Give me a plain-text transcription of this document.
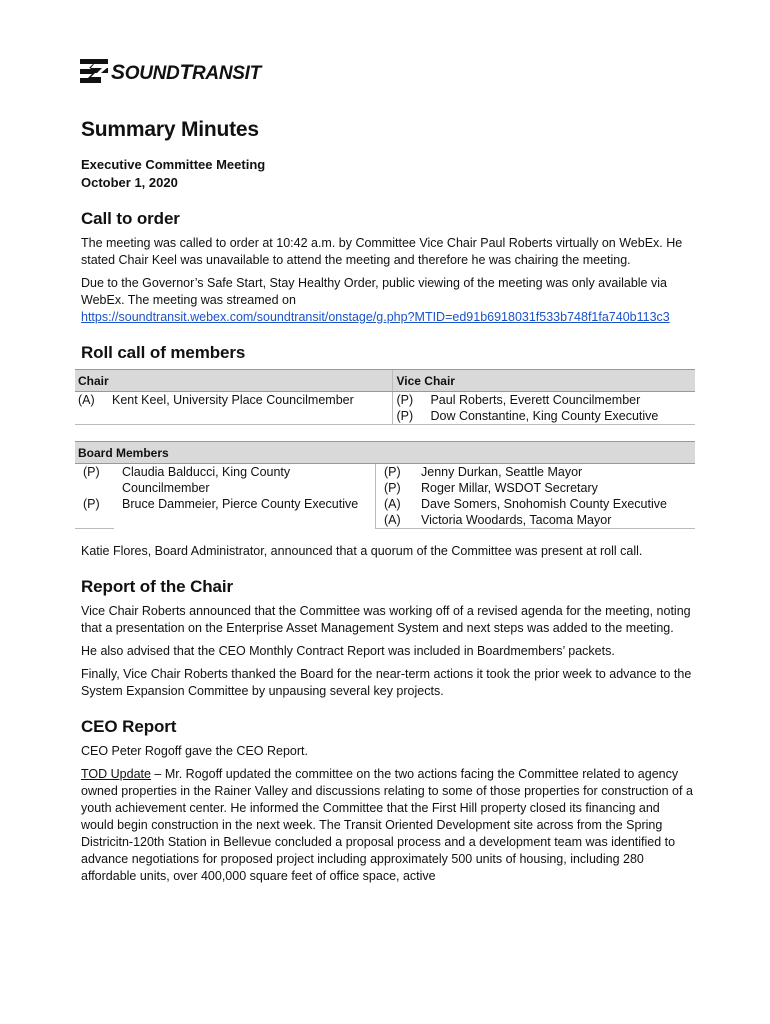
SOUNDTRANSIT
Summary Minutes

Executive Committee Meeting

October 1, 2020

Call to order

The meeting was called to order at 10:42 a.m. by Committee Vice Chair Paul Roberts virtually on WebEx. He stated Chair Keel was unavailable to attend the meeting and therefore he was chairing the meeting.

Due to the Governor’s Safe Start, Stay Healthy Order, public viewing of the meeting was only available via WebEx. The meeting was streamed on
https://soundtransit.webex.com/soundtransit/onstage/g.php?MTID=ed91b6918031f533b748f1fa740b113c3

Roll call of members
Chair		Vice Chair	
(A)	Kent Keel, University Place Councilmember	(P)	Paul Roberts, Everett Councilmember
		(P)	Dow Constantine, King County Executive
Board Members			
(P)	Claudia Balducci, King County Councilmember	(P)	Jenny Durkan, Seattle Mayor
		(P)	Roger Millar, WSDOT Secretary
(P)	Bruce Dammeier, Pierce County Executive	(A)	Dave Somers, Snohomish County Executive
		(A)	Victoria Woodards, Tacoma Mayor

Katie Flores, Board Administrator, announced that a quorum of the Committee was present at roll call.

Report of the Chair

Vice Chair Roberts announced that the Committee was working off of a revised agenda for the meeting, noting that a presentation on the Enterprise Asset Management System and next steps was added to the meeting.

He also advised that the CEO Monthly Contract Report was included in Boardmembers’ packets.

Finally, Vice Chair Roberts thanked the Board for the near-term actions it took the prior week to advance to the System Expansion Committee by unpausing several key projects.

CEO Report

CEO Peter Rogoff gave the CEO Report.

TOD Update – Mr. Rogoff updated the committee on the two actions facing the Committee related to agency owned properties in the Rainer Valley and discussions relating to some of those properties for construction of a youth achievement center. He informed the Committee that the First Hill property closed its financing and would begin construction in the next week. The Transit Oriented Development site across from the Spring Districitn-120th Station in Bellevue concluded a proposal process and a development team was identified to advance negotiations for proposed project including approximately 500 units of housing, including 280 affordable units, over 400,000 square feet of office space, active
